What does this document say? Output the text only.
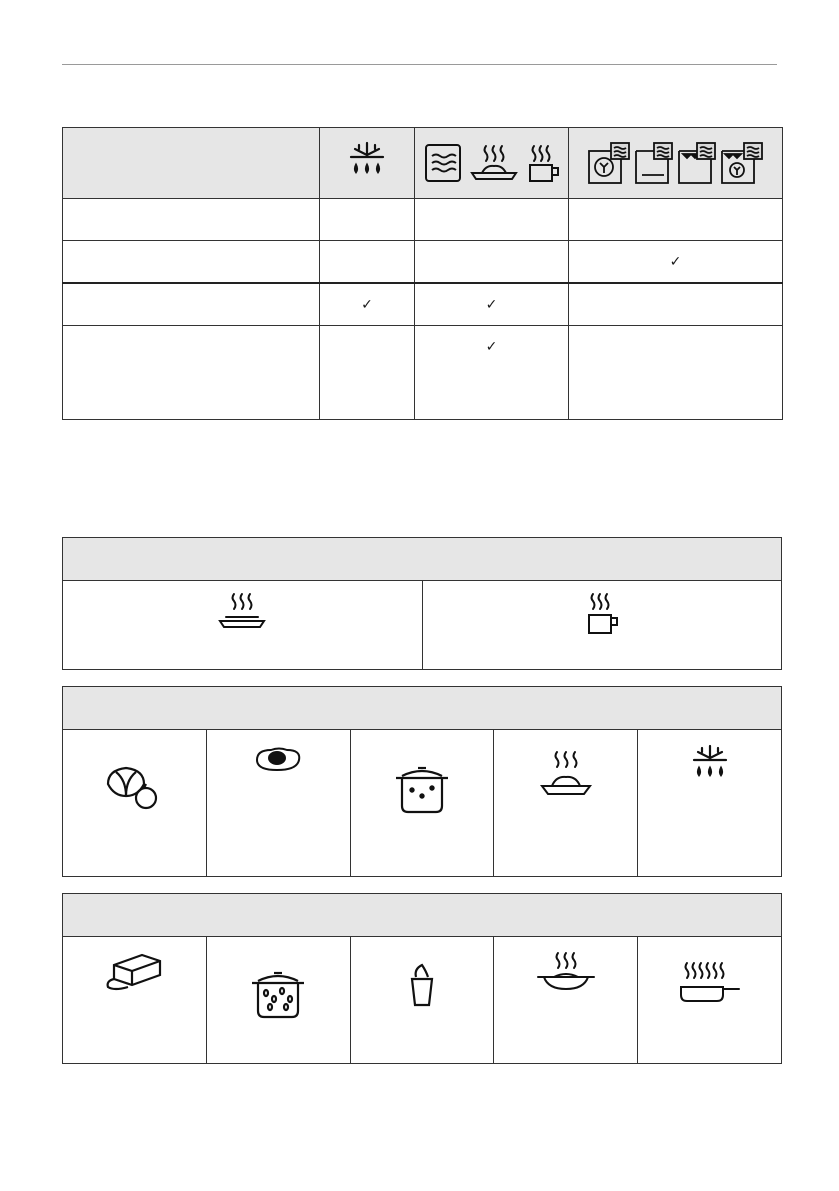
			✓
	✓	✓	
		✓	
